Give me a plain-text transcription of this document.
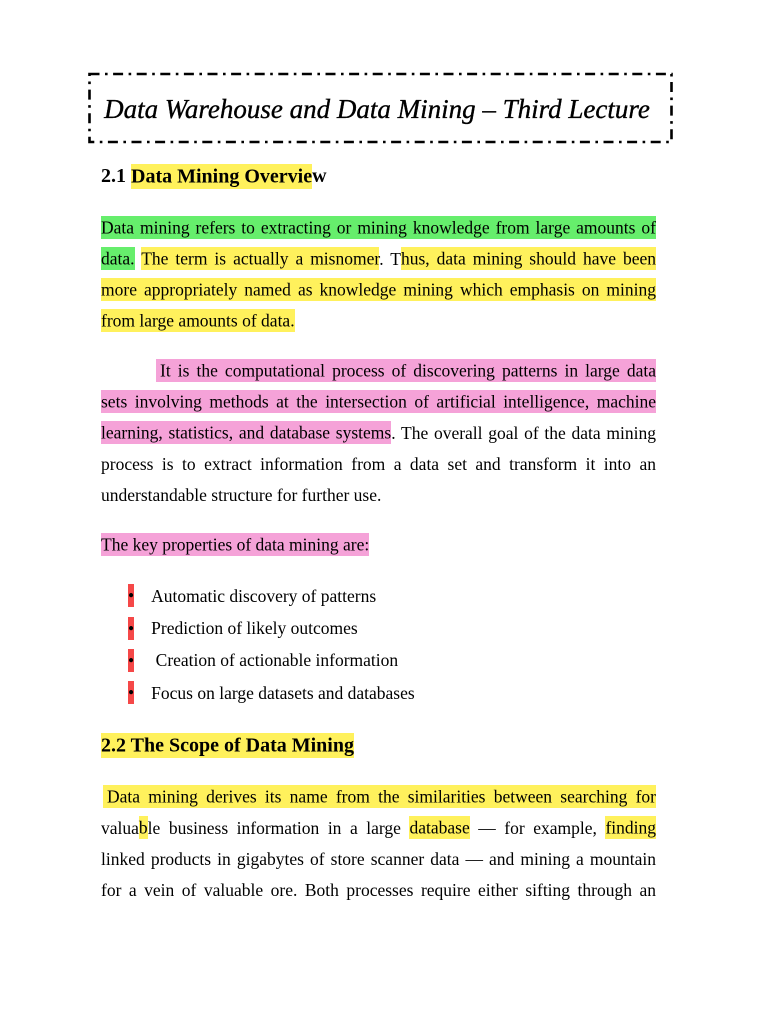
Data Warehouse and Data Mining – Third Lecture
2.1 Data Mining Overview
Data mining refers to extracting or mining knowledge from large amounts of
data. The term is actually a misnomer. Thus, data mining should have been
more appropriately named as knowledge mining which emphasis on mining
from large amounts of data.
It is the computational process of discovering patterns in large data
sets involving methods at the intersection of artificial intelligence, machine
learning, statistics, and database systems. The overall goal of the data mining
process is to extract information from a data set and transform it into an
understandable structure for further use.
The key properties of data mining are:
• Automatic discovery of patterns
• Prediction of likely outcomes
• Creation of actionable information
• Focus on large datasets and databases
2.2 The Scope of Data Mining
Data mining derives its name from the similarities between searching for
valuable business information in a large database — for example, finding
linked products in gigabytes of store scanner data — and mining a mountain
for a vein of valuable ore. Both processes require either sifting through an
